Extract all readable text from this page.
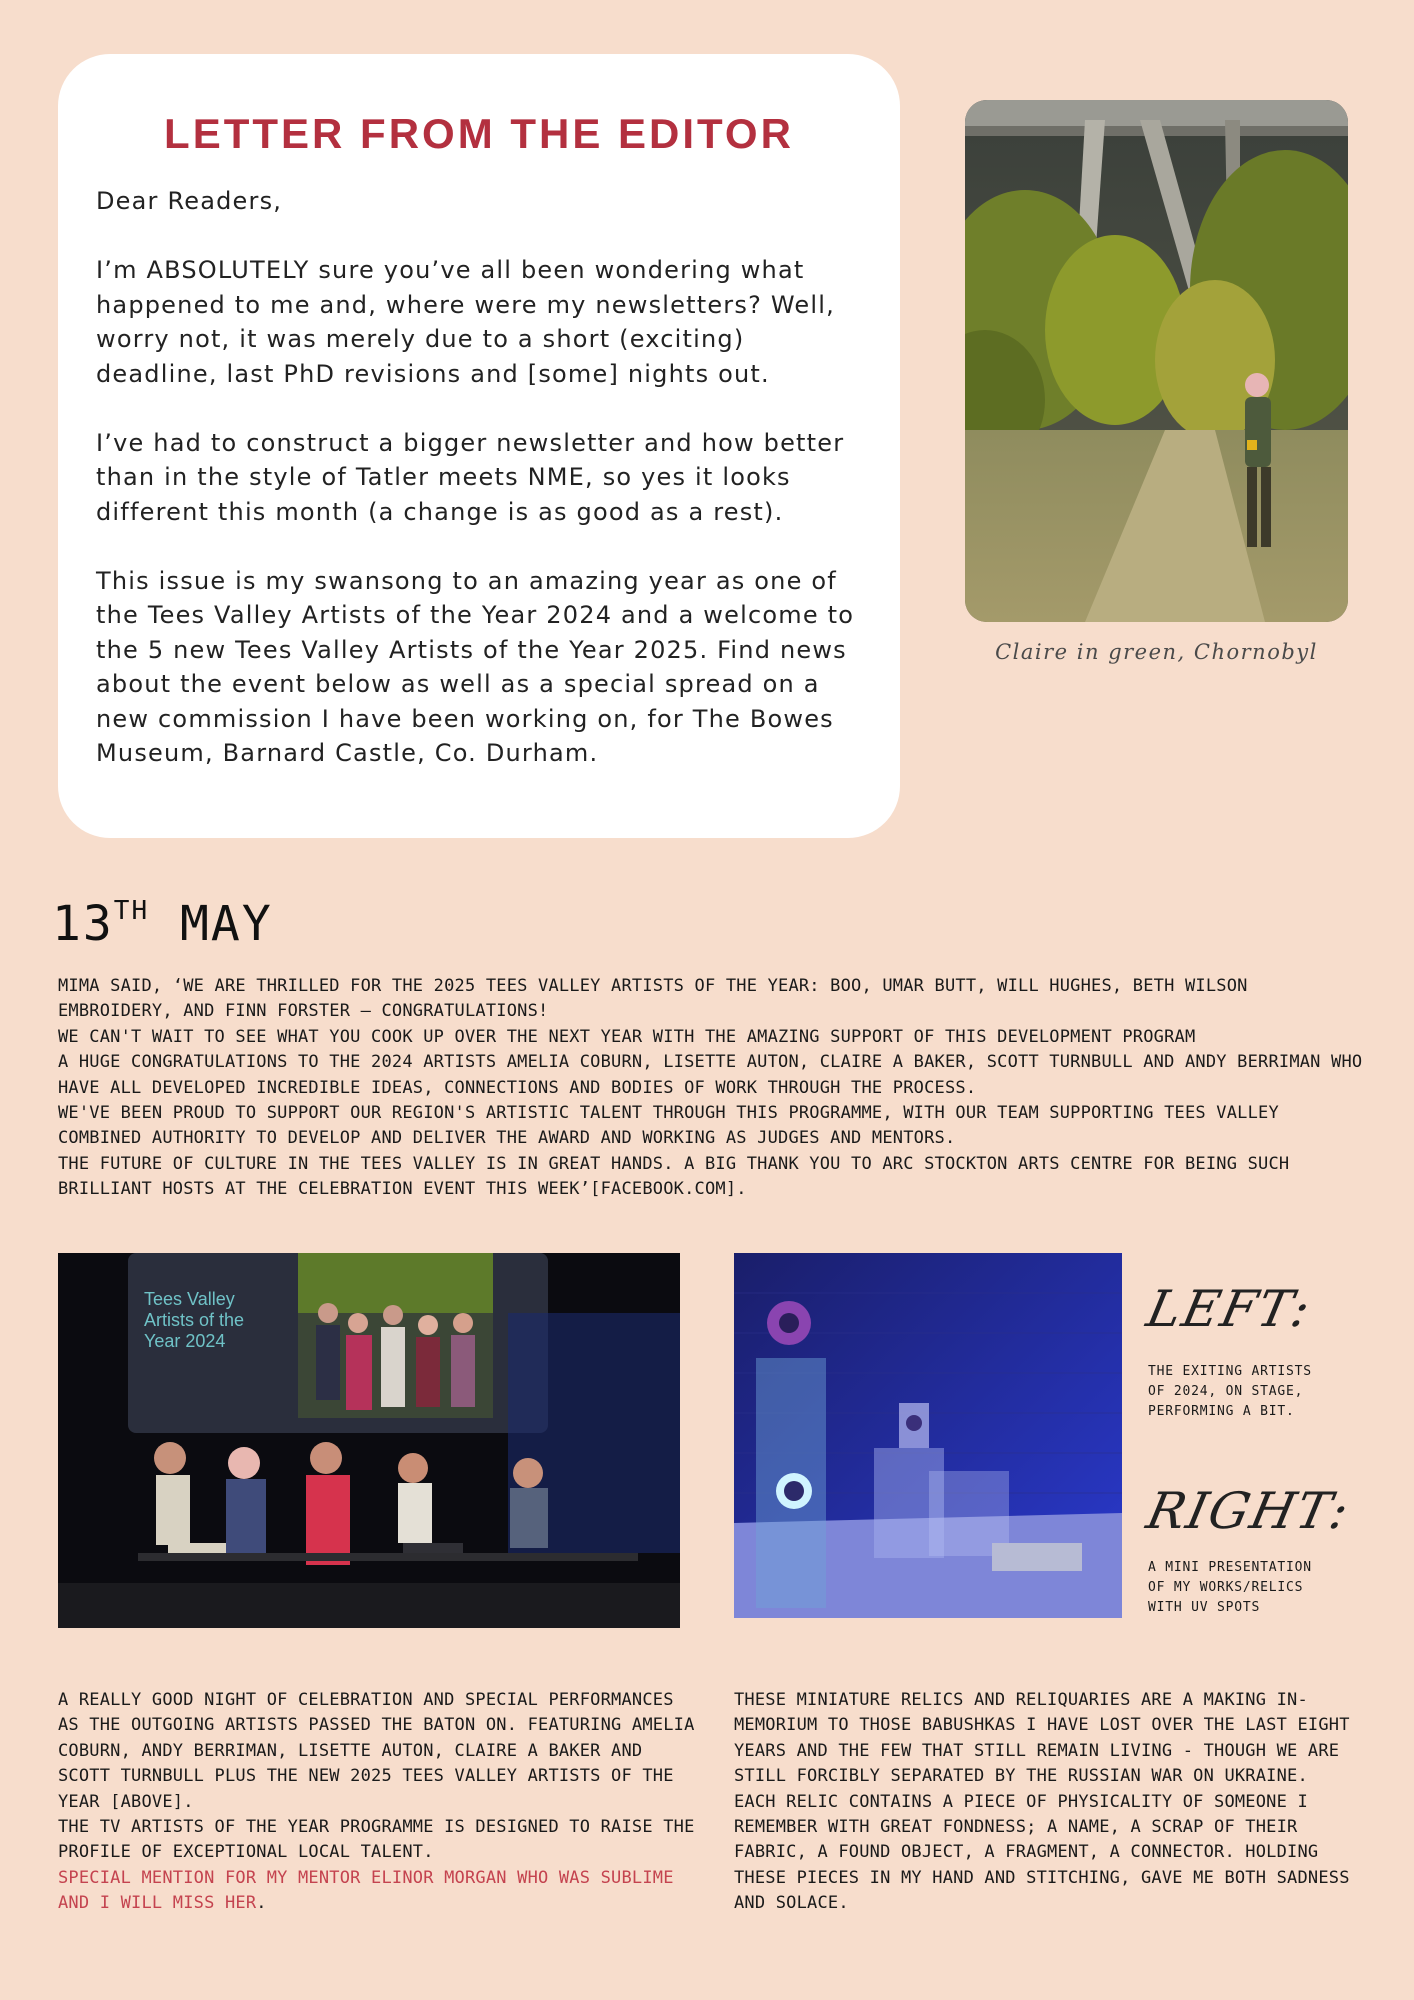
LETTER FROM THE EDITOR

Dear Readers,

I’m ABSOLUTELY sure you’ve all been wondering what happened to me and, where were my newsletters? Well, worry not, it was merely due to a short (exciting) deadline, last PhD revisions and [some] nights out.

I’ve had to construct a bigger newsletter and how better than in the style of Tatler meets NME, so yes it looks different this month (a change is as good as a rest).

This issue is my swansong to an amazing year as one of the Tees Valley Artists of the Year 2024 and a welcome to the 5 new Tees Valley Artists of the Year 2025. Find news about the event below as well as a special spread on a new commission I have been working on, for The Bowes Museum, Barnard Castle, Co. Durham.

Claire in green, Chornobyl
13TH MAY
MIMA SAID, ‘WE ARE THRILLED FOR THE 2025 TEES VALLEY ARTISTS OF THE YEAR: BOO, UMAR BUTT, WILL HUGHES, BETH WILSON EMBROIDERY, AND FINN FORSTER – CONGRATULATIONS!
WE CAN'T WAIT TO SEE WHAT YOU COOK UP OVER THE NEXT YEAR WITH THE AMAZING SUPPORT OF THIS DEVELOPMENT PROGRAM
A HUGE CONGRATULATIONS TO THE 2024 ARTISTS AMELIA COBURN, LISETTE AUTON, CLAIRE A BAKER, SCOTT TURNBULL AND ANDY BERRIMAN WHO HAVE ALL DEVELOPED INCREDIBLE IDEAS, CONNECTIONS AND BODIES OF WORK THROUGH THE PROCESS.
WE'VE BEEN PROUD TO SUPPORT OUR REGION'S ARTISTIC TALENT THROUGH THIS PROGRAMME, WITH OUR TEAM SUPPORTING TEES VALLEY COMBINED AUTHORITY TO DEVELOP AND DELIVER THE AWARD AND WORKING AS JUDGES AND MENTORS.
THE FUTURE OF CULTURE IN THE TEES VALLEY IS IN GREAT HANDS. A BIG THANK YOU TO ARC STOCKTON ARTS CENTRE FOR BEING SUCH BRILLIANT HOSTS AT THE CELEBRATION EVENT THIS WEEK’[FACEBOOK.COM].
Tees Valley
Artists of the
Year 2024
LEFT:
THE EXITING ARTISTS
OF 2024, ON STAGE,
PERFORMING A BIT.
RIGHT:
A MINI PRESENTATION
OF MY WORKS/RELICS
WITH UV SPOTS
A REALLY GOOD NIGHT OF CELEBRATION AND SPECIAL PERFORMANCES AS THE OUTGOING ARTISTS PASSED THE BATON ON. FEATURING AMELIA COBURN, ANDY BERRIMAN, LISETTE AUTON, CLAIRE A BAKER AND SCOTT TURNBULL PLUS THE NEW 2025 TEES VALLEY ARTISTS OF THE YEAR [ABOVE].
THE TV ARTISTS OF THE YEAR PROGRAMME IS DESIGNED TO RAISE THE PROFILE OF EXCEPTIONAL LOCAL TALENT.
SPECIAL MENTION FOR MY MENTOR ELINOR MORGAN WHO WAS SUBLIME AND I WILL MISS HER.
THESE MINIATURE RELICS AND RELIQUARIES ARE A MAKING IN-MEMORIUM TO THOSE BABUSHKAS I HAVE LOST OVER THE LAST EIGHT YEARS AND THE FEW THAT STILL REMAIN LIVING - THOUGH WE ARE STILL FORCIBLY SEPARATED BY THE RUSSIAN WAR ON UKRAINE.
EACH RELIC CONTAINS A PIECE OF PHYSICALITY OF SOMEONE I REMEMBER WITH GREAT FONDNESS; A NAME, A SCRAP OF THEIR FABRIC, A FOUND OBJECT, A FRAGMENT, A CONNECTOR. HOLDING THESE PIECES IN MY HAND AND STITCHING, GAVE ME BOTH SADNESS AND SOLACE.
